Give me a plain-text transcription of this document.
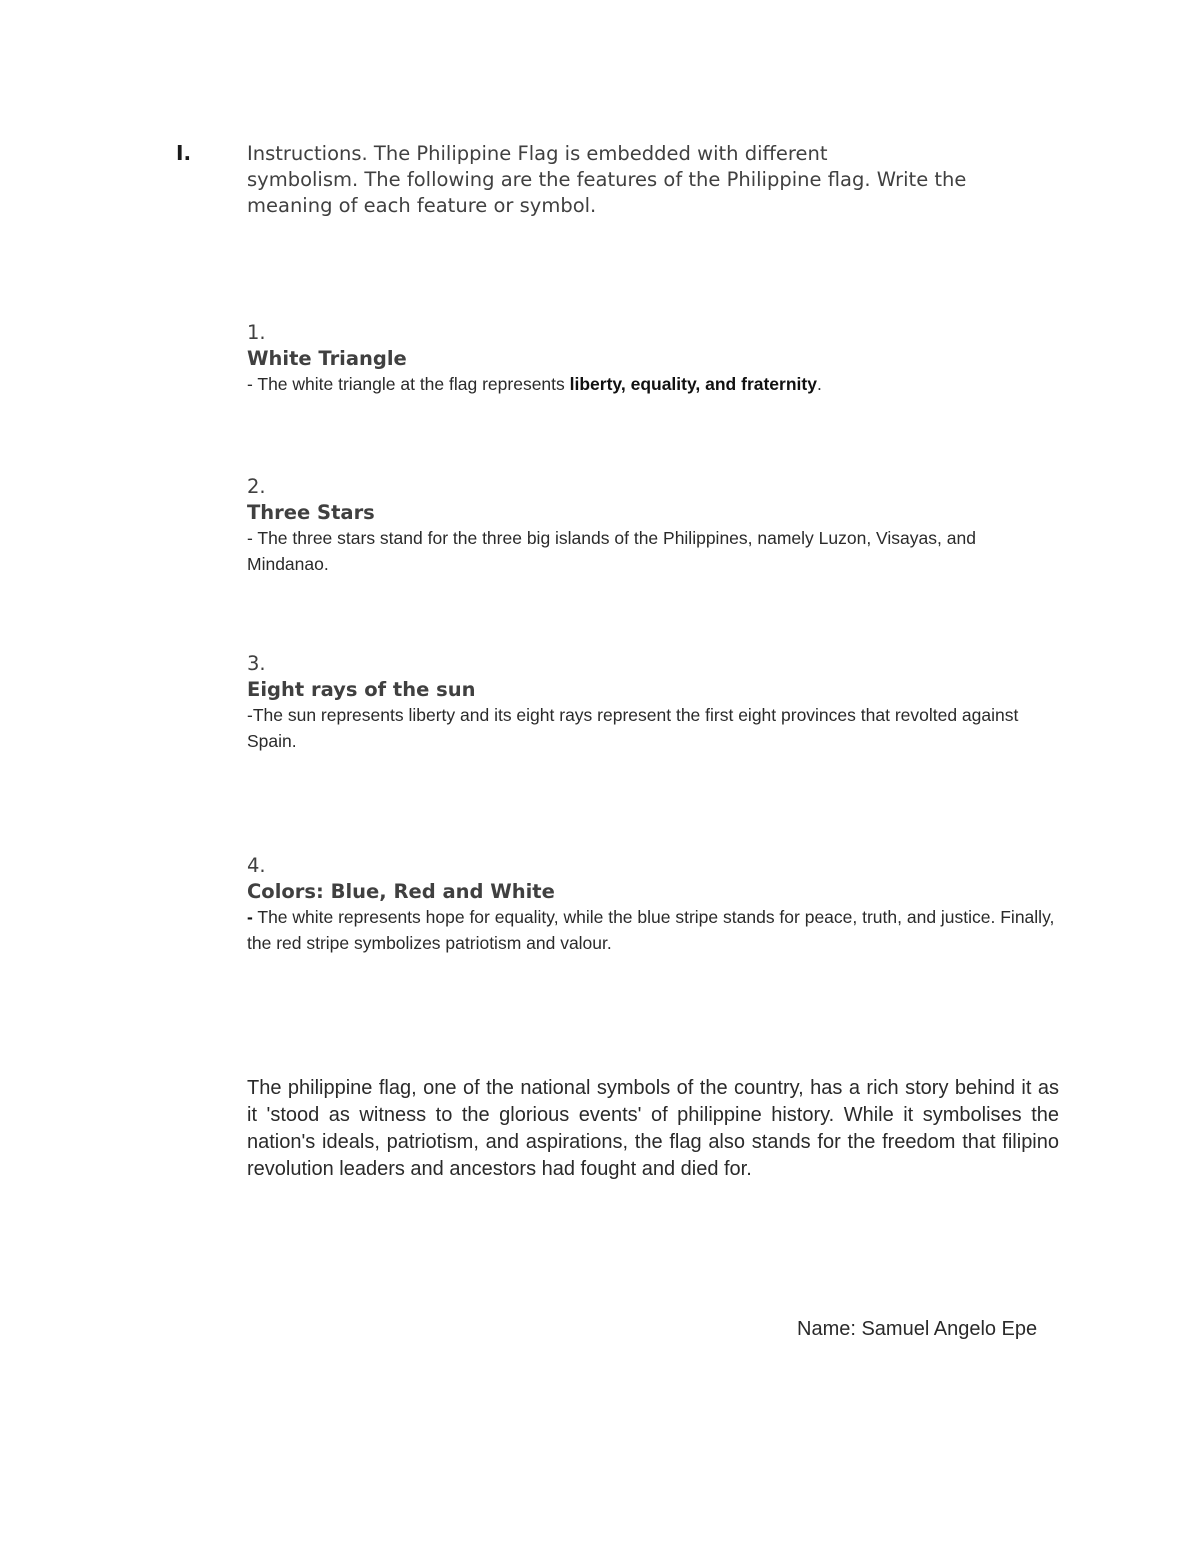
I.	Instructions. The Philippine Flag is embedded with different
symbolism. The following are the features of the Philippine flag. Write the
meaning of each feature or symbol.
1.
White Triangle
- The white triangle at the flag represents liberty, equality, and fraternity.
2.
Three Stars
- The three stars stand for the three big islands of the Philippines, namely Luzon, Visayas, and Mindanao.
3.
Eight rays of the sun
-The sun represents liberty and its eight rays represent the first eight provinces that revolted against Spain.
4.
Colors: Blue, Red and White
- The white represents hope for equality, while the blue stripe stands for peace, truth, and justice. Finally, the red stripe symbolizes patriotism and valour.
The philippine flag, one of the national symbols of the country, has a rich story behind it as it 'stood as witness to the glorious events' of philippine history. While it symbolises the nation's ideals, patriotism, and aspirations, the flag also stands for the freedom that filipino revolution leaders and ancestors had fought and died for.
Name: Samuel Angelo Epe
